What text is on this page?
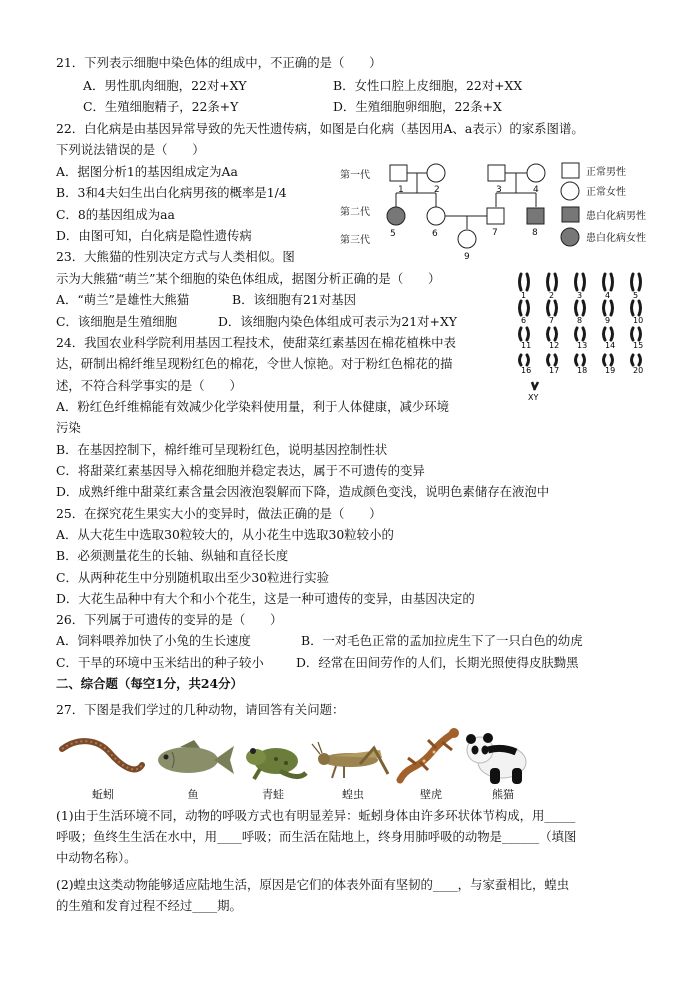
21．下列表示细胞中染色体的组成中，不正确的是（　　）
A．男性肌肉细胞，22对+XY	B．女性口腔上皮细胞，22对+XX
C．生殖细胞精子，22条+Y	D．生殖细胞卵细胞，22条+X
22．白化病是由基因异常导致的先天性遗传病，如图是白化病（基因用A、a表示）的家系图谱。
下列说法错误的是（　　）
A．据图分析1的基因组成定为Aa
B．3和4夫妇生出白化病男孩的概率是1/4
C．8的基因组成为aa
D．由图可知，白化病是隐性遗传病
第一代
第二代
第三代
1	2	3	4
5	6	7	8
9
正常男性
正常女性
患白化病男性
患白化病女性
23．大熊猫的性别决定方式与人类相似。图
示为大熊猫“萌兰”某个细胞的染色体组成，据图分析正确的是（　　）
A．“萌兰”是雄性大熊猫	B．该细胞有21对基因
C．该细胞是生殖细胞	D．该细胞内染色体组成可表示为21对+XY
1	2	3	4	5
6	7	8	9	10
11 12 13 14 15
16 17 18 19 20
XY
24．我国农业科学院利用基因工程技术，使甜菜红素基因在棉花植株中表
达，研制出棉纤维呈现粉红色的棉花，令世人惊艳。对于粉红色棉花的描
述，不符合科学事实的是（　　）
A．粉红色纤维棉能有效减少化学染料使用量，利于人体健康，减少环境
污染
B．在基因控制下，棉纤维可呈现粉红色，说明基因控制性状
C．将甜菜红素基因导入棉花细胞并稳定表达，属于不可遗传的变异
D．成熟纤维中甜菜红素含量会因液泡裂解而下降，造成颜色变浅，说明色素储存在液泡中
25．在探究花生果实大小的变异时，做法正确的是（　　）
A．从大花生中选取30粒较大的，从小花生中选取30粒较小的
B．必须测量花生的长轴、纵轴和直径长度
C．从两种花生中分别随机取出至少30粒进行实验
D．大花生品种中有大个和小个花生，这是一种可遗传的变异，由基因决定的
26．下列属于可遗传的变异的是（　　）
A．饲料喂养加快了小兔的生长速度	B．一对毛色正常的孟加拉虎生下了一只白色的幼虎
C．干旱的环境中玉米结出的种子较小	D．经常在田间劳作的人们，长期光照使得皮肤黝黑
二、综合题（每空1分，共24分）
27．下图是我们学过的几种动物，请回答有关问题：
蚯蚓	鱼	青蛙	蝗虫	壁虎	熊猫
(1)由于生活环境不同，动物的呼吸方式也有明显差异：蚯蚓身体由许多环状体节构成，用_____
呼吸；鱼终生生活在水中，用____呼吸；而生活在陆地上，终身用肺呼吸的动物是______（填图
中动物名称）。
(2)蝗虫这类动物能够适应陆地生活，原因是它们的体表外面有坚韧的____，与家蚕相比，蝗虫
的生殖和发育过程不经过____期。
